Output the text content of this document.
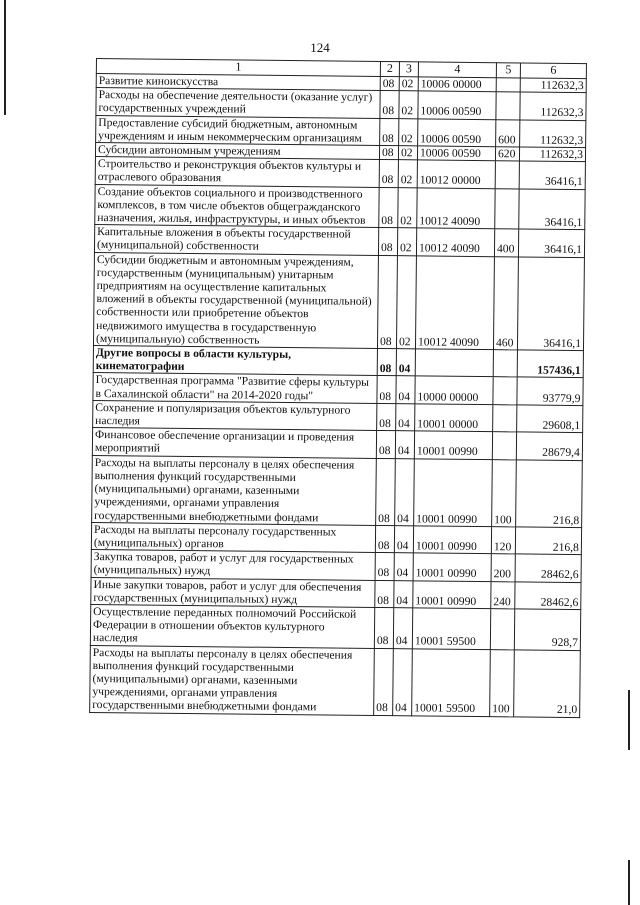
124
1	2	3	4	5	6
Развитие киноискусства	08	02	10006 00000		112632,3
Расходы на обеспечение деятельности (оказание услуг) государственных учреждений	08	02	10006 00590		112632,3
Предоставление субсидий бюджетным, автономным учреждениям и иным некоммерческим организациям	08	02	10006 00590	600	112632,3
Субсидии автономным учреждениям	08	02	10006 00590	620	112632,3
Строительство и реконструкция объектов культуры и отраслевого образования	08	02	10012 00000		36416,1
Создание объектов социального и производственного комплексов, в том числе объектов общегражданского назначения, жилья, инфраструктуры, и иных объектов	08	02	10012 40090		36416,1
Капитальные вложения в объекты государственной (муниципальной) собственности	08	02	10012 40090	400	36416,1
Субсидии бюджетным и автономным учреждениям, государственным (муниципальным) унитарным предприятиям на осуществление капитальных вложений в объекты государственной (муниципальной) собственности или приобретение объектов недвижимого имущества в государственную (муниципальную) собственность	08	02	10012 40090	460	36416,1
Другие вопросы в области культуры, кинематографии	08	04			157436,1
Государственная программа "Развитие сферы культуры в Сахалинской области" на 2014-2020 годы"	08	04	10000 00000		93779,9
Сохранение и популяризация объектов культурного наследия	08	04	10001 00000		29608,1
Финансовое обеспечение организации и проведения мероприятий	08	04	10001 00990		28679,4
Расходы на выплаты персоналу в целях обеспечения выполнения функций государственными (муниципальными) органами, казенными учреждениями, органами управления государственными внебюджетными фондами	08	04	10001 00990	100	216,8
Расходы на выплаты персоналу государственных (муниципальных) органов	08	04	10001 00990	120	216,8
Закупка товаров, работ и услуг для государственных (муниципальных) нужд	08	04	10001 00990	200	28462,6
Иные закупки товаров, работ и услуг для обеспечения государственных (муниципальных) нужд	08	04	10001 00990	240	28462,6
Осуществление переданных полномочий Российской Федерации в отношении объектов культурного наследия	08	04	10001 59500		928,7
Расходы на выплаты персоналу в целях обеспечения выполнения функций государственными (муниципальными) органами, казенными учреждениями, органами управления государственными внебюджетными фондами	08	04	10001 59500	100	21,0
